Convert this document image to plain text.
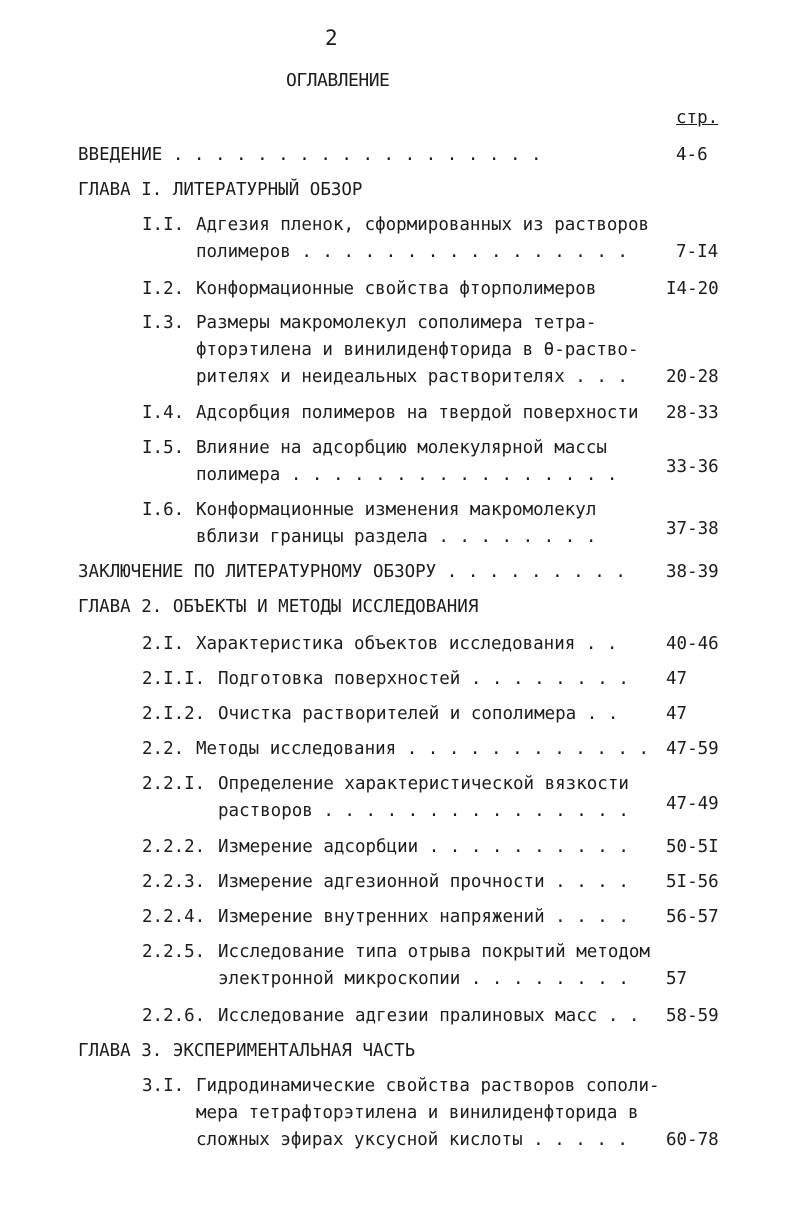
2
ОГЛАВЛЕНИЕ
стр.
ВВЕДЕНИЕ . . . . . . . . . . . . . . . . . .	4-6
ГЛАВА I. ЛИТЕРАТУРНЫЙ ОБЗОР
I.I. Адгезия пленок, сформированных из растворов
полимеров . . . . . . . . . . . . . . . .	7-I4
I.2. Конформационные свойства фторполимеров	I4-20
I.3. Размеры макромолекул сополимера тетра-
фторэтилена и винилиденфторида в θ-раство-
рителях и неидеальных растворителях . . . 20-28
I.4. Адсорбция полимеров на твердой поверхности 28-33
I.5. Влияние на адсорбцию молекулярной массы
полимера . . . . . . . . . . . . . . . .	33-36
I.6. Конформационные изменения макромолекул
вблизи границы раздела . . . . . . . .	37-38
ЗАКЛЮЧЕНИЕ ПО ЛИТЕРАТУРНОМУ ОБЗОРУ . . . . . . . . . 38-39
ГЛАВА 2. ОБЪЕКТЫ И МЕТОДЫ ИССЛЕДОВАНИЯ
2.I. Характеристика объектов исследования . .	40-46
2.I.I. Подготовка поверхностей . . . . . . . . 47
2.I.2. Очистка растворителей и сополимера . .	47
2.2. Методы исследования . . . . . . . . . . . . 47-59
2.2.I. Определение характеристической вязкости
растворов . . . . . . . . . . . . . . . 47-49
2.2.2. Измерение адсорбции . . . . . . . . . . 50-5I
2.2.3. Измерение адгезионной прочности . . . . 5I-56
2.2.4. Измерение внутренних напряжений . . . . 56-57
2.2.5. Исследование типа отрыва покрытий методом
электронной микроскопии . . . . . . . . 57
2.2.6. Исследование адгезии пралиновых масс . . 58-59
ГЛАВА 3. ЭКСПЕРИМЕНТАЛЬНАЯ ЧАСТЬ
3.I. Гидродинамические свойства растворов сополи-
мера тетрафторэтилена и винилиденфторида в
сложных эфирах уксусной кислоты . . . . . 60-78
